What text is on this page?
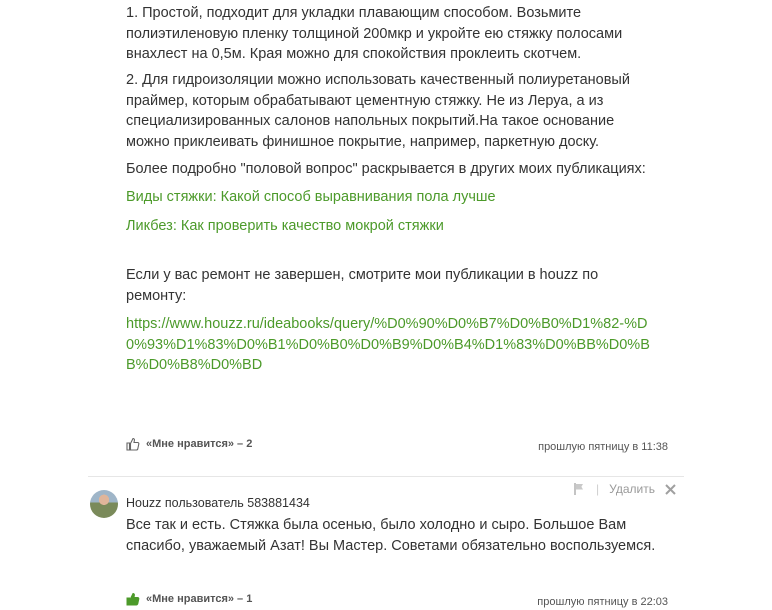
1. Простой, подходит для укладки плавающим способом. Возьмите полиэтиленовую пленку толщиной 200мкр и укройте ею стяжку полосами внахлест на 0,5м. Края можно для спокойствия проклеить скотчем.

2. Для гидроизоляции можно использовать качественный полиуретановый праймер, которым обрабатывают цементную стяжку. Не из Леруа, а из специализированных салонов напольных покрытий.На такое основание можно приклеивать финишное покрытие, например, паркетную доску.

Более подробно "половой вопрос" раскрывается в других моих публикациях:

Виды стяжки: Какой способ выравнивания пола лучше
Ликбез: Как проверить качество мокрой стяжки

Если у вас ремонт не завершен, смотрите мои публикации в houzz по ремонту:

https://www.houzz.ru/ideabooks/query/%D0%90%D0%B7%D0%B0%D1%82-%D0%93%D1%83%D0%B1%D0%B0%D0%B9%D0%B4%D1%83%D0%BB%D0%BB%D0%B8%D0%BD
«Мне нравится» – 2	прошлую пятницу в 11:38
Houzz пользователь 583881434
| Удалить

Все так и есть. Стяжка была осенью, было холодно и сыро. Большое Вам спасибо, уважаемый Азат! Вы Мастер. Советами обязательно воспользуемся.

«Мне нравится» – 1	прошлую пятницу в 22:03
